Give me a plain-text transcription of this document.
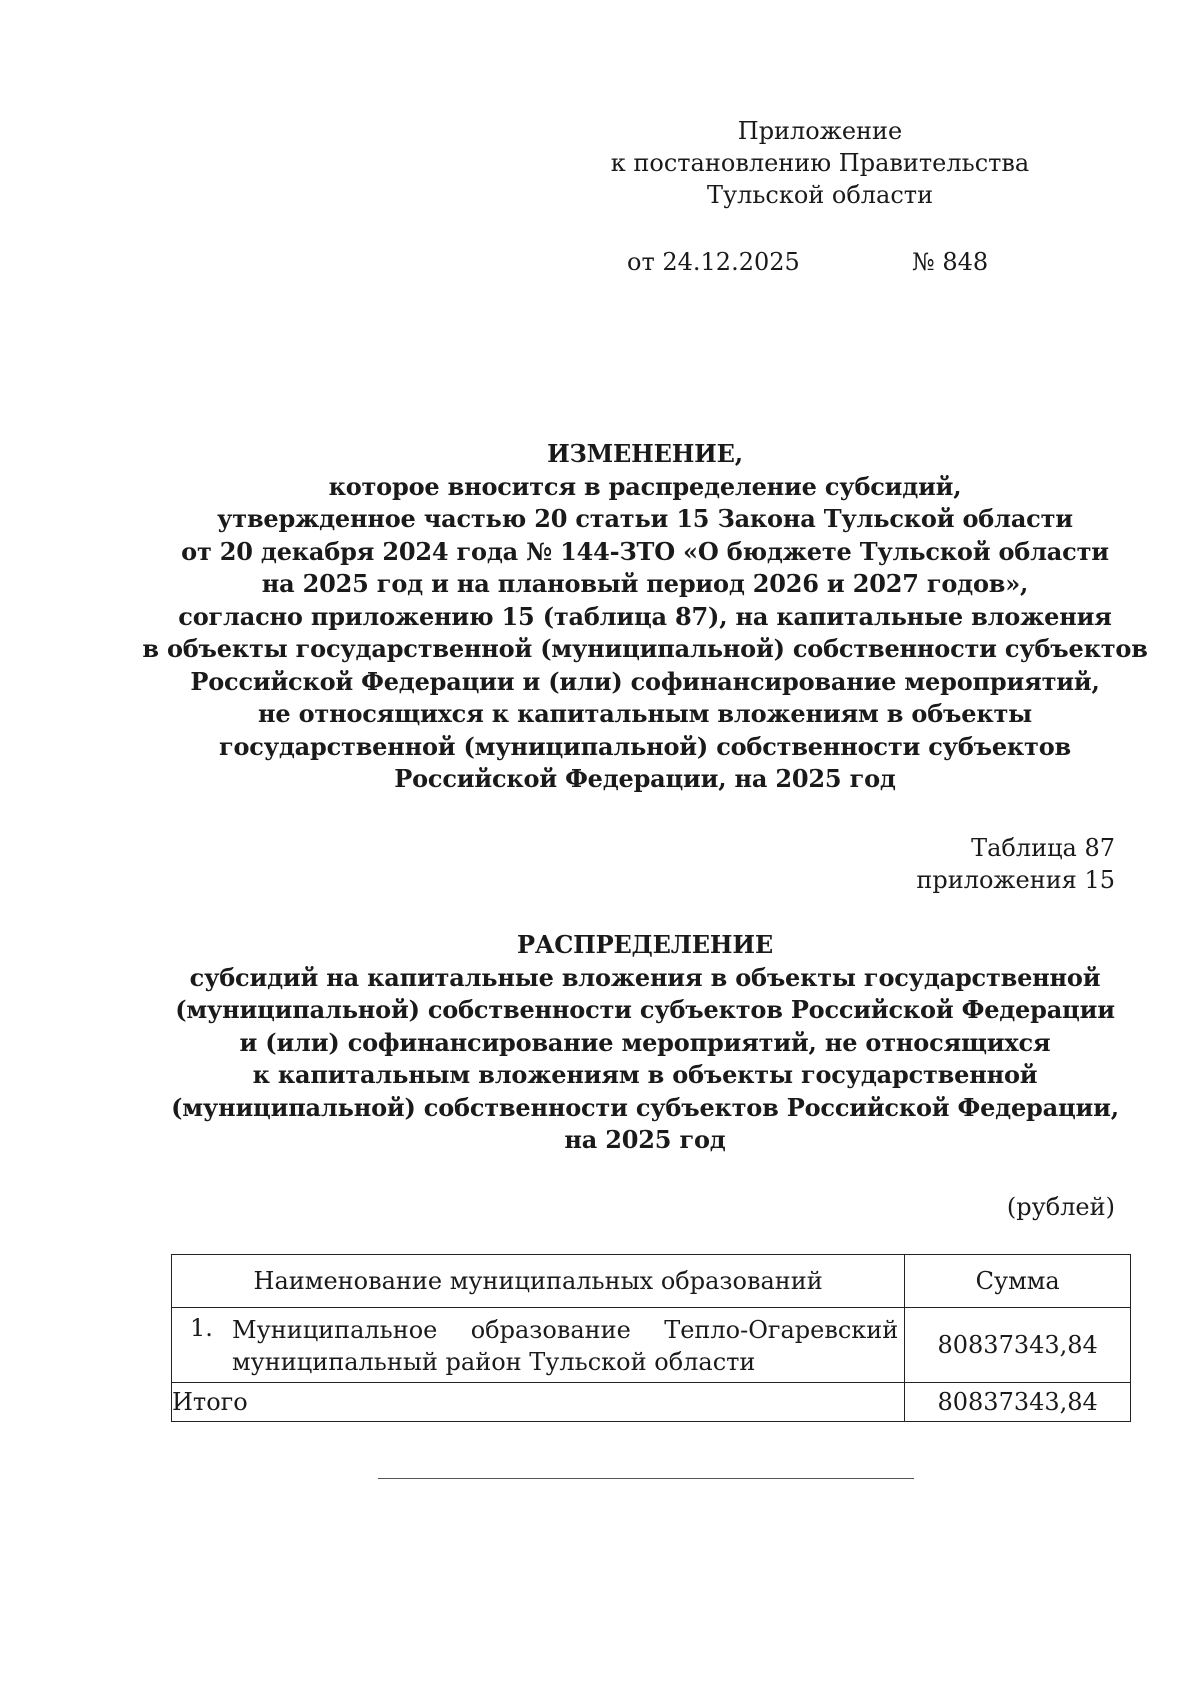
Приложение
к постановлению Правительства
Тульской области
от 24.12.2025	№ 848
ИЗМЕНЕНИЕ,
которое вносится в распределение субсидий,
утвержденное частью 20 статьи 15 Закона Тульской области
от 20 декабря 2024 года № 144-ЗТО «О бюджете Тульской области
на 2025 год и на плановый период 2026 и 2027 годов»,
согласно приложению 15 (таблица 87), на капитальные вложения
в объекты государственной (муниципальной) собственности субъектов
Российской Федерации и (или) софинансирование мероприятий,
не относящихся к капитальным вложениям в объекты
государственной (муниципальной) собственности субъектов
Российской Федерации, на 2025 год
Таблица 87
приложения 15
РАСПРЕДЕЛЕНИЕ
субсидий на капитальные вложения в объекты государственной
(муниципальной) собственности субъектов Российской Федерации
и (или) софинансирование мероприятий, не относящихся
к капитальным вложениям в объекты государственной
(муниципальной) собственности субъектов Российской Федерации,
на 2025 год
(рублей)
Наименование муниципальных образований	Сумма

1. Муниципальное образование Тепло-Огаревский
муниципальный район Тульской области	80837343,84
Итого	80837343,84
